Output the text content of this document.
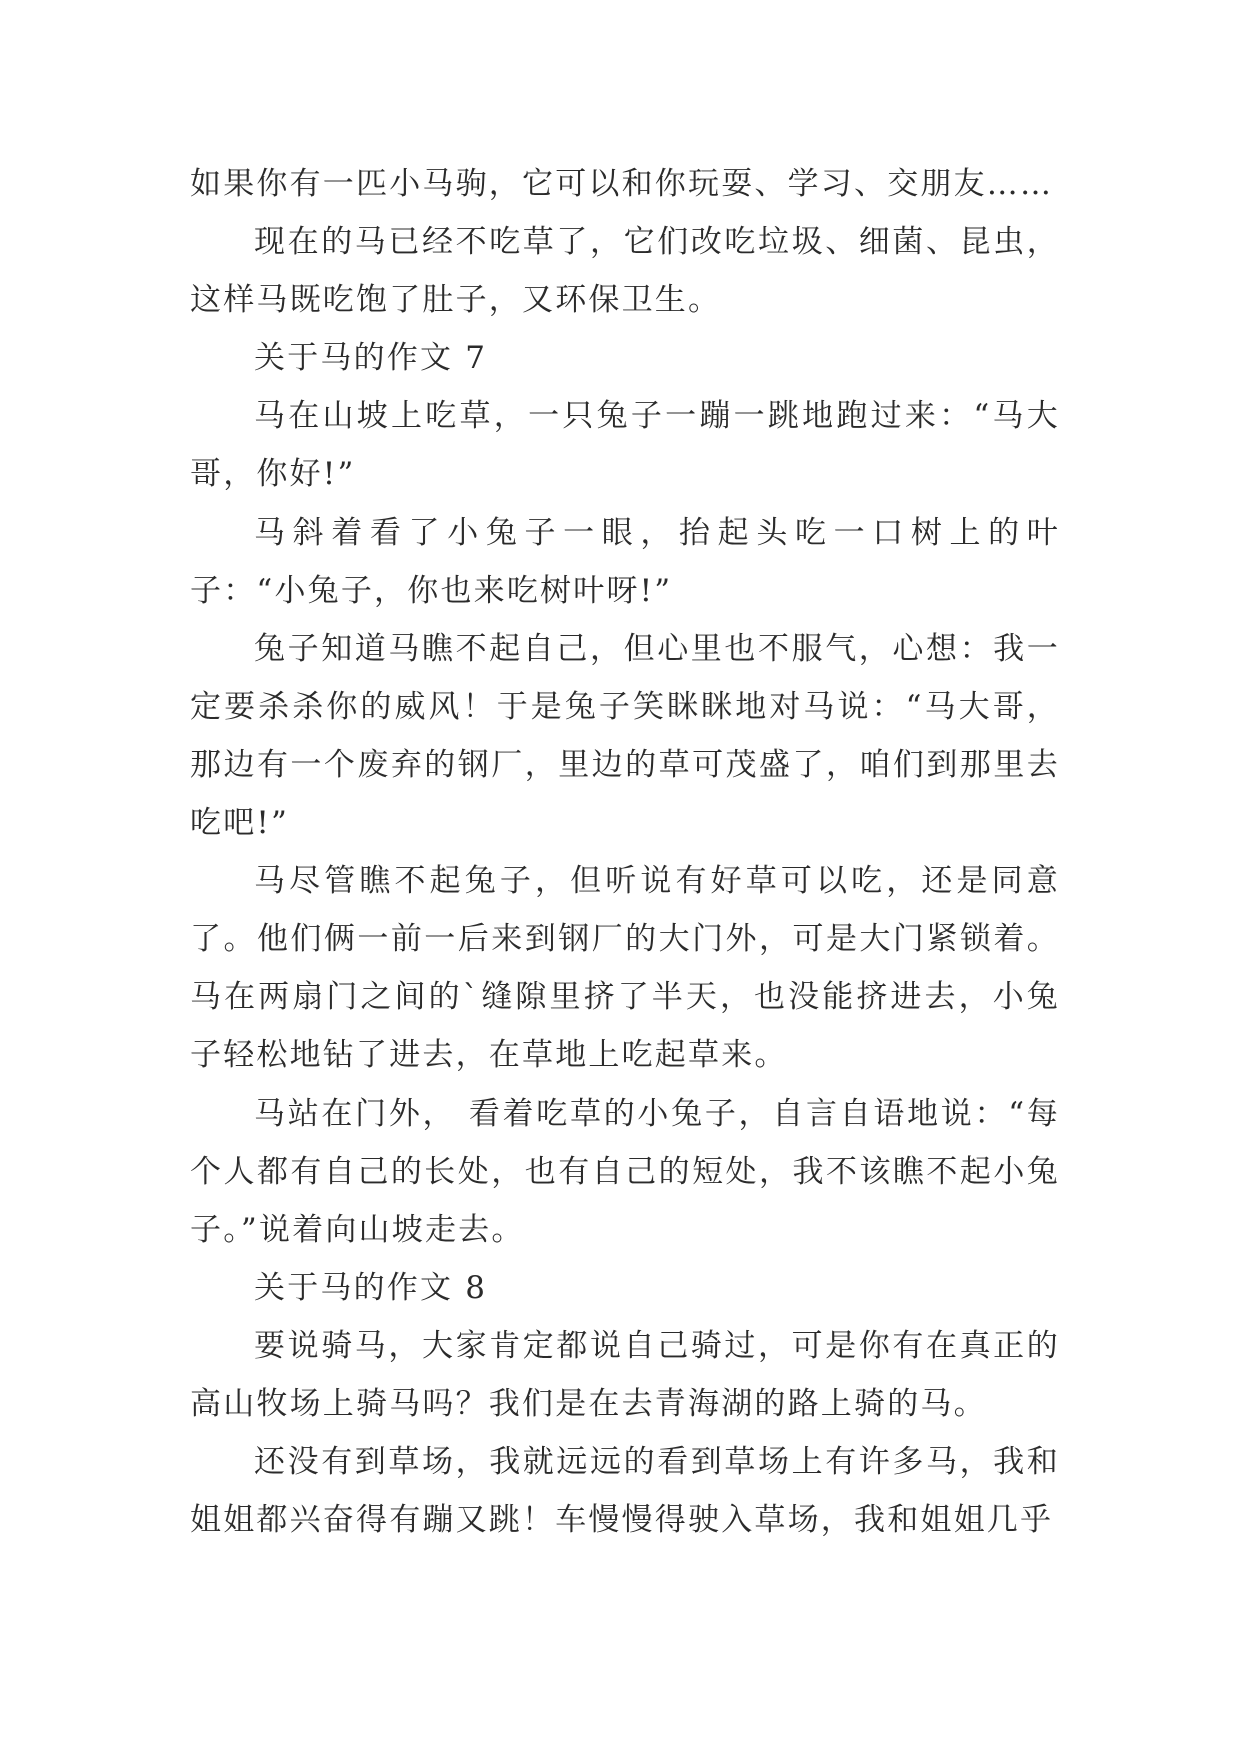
如果你有一匹小马驹，它可以和你玩耍、学习、交朋友……

现在的马已经不吃草了，它们改吃垃圾、细菌、昆虫，这样马既吃饱了肚子，又环保卫生。

关于马的作文 7

马在山坡上吃草，一只兔子一蹦一跳地跑过来：“马大哥，你好!”

马斜着看了小兔子一眼，抬起头吃一口树上的叶子：“小兔子，你也来吃树叶呀!”

兔子知道马瞧不起自己，但心里也不服气，心想：我一定要杀杀你的威风！于是兔子笑眯眯地对马说：“马大哥，那边有一个废弃的钢厂，里边的草可茂盛了，咱们到那里去吃吧!”

马尽管瞧不起兔子，但听说有好草可以吃，还是同意了。他们俩一前一后来到钢厂的大门外，可是大门紧锁着。马在两扇门之间的`缝隙里挤了半天，也没能挤进去，小兔子轻松地钻了进去，在草地上吃起草来。

马站在门外， 看着吃草的小兔子，自言自语地说：“每个人都有自己的长处，也有自己的短处，我不该瞧不起小兔子。”说着向山坡走去。

关于马的作文 8

要说骑马，大家肯定都说自己骑过，可是你有在真正的高山牧场上骑马吗？我们是在去青海湖的路上骑的马。

还没有到草场，我就远远的看到草场上有许多马，我和姐姐都兴奋得有蹦又跳！车慢慢得驶入草场，我和姐姐几乎
